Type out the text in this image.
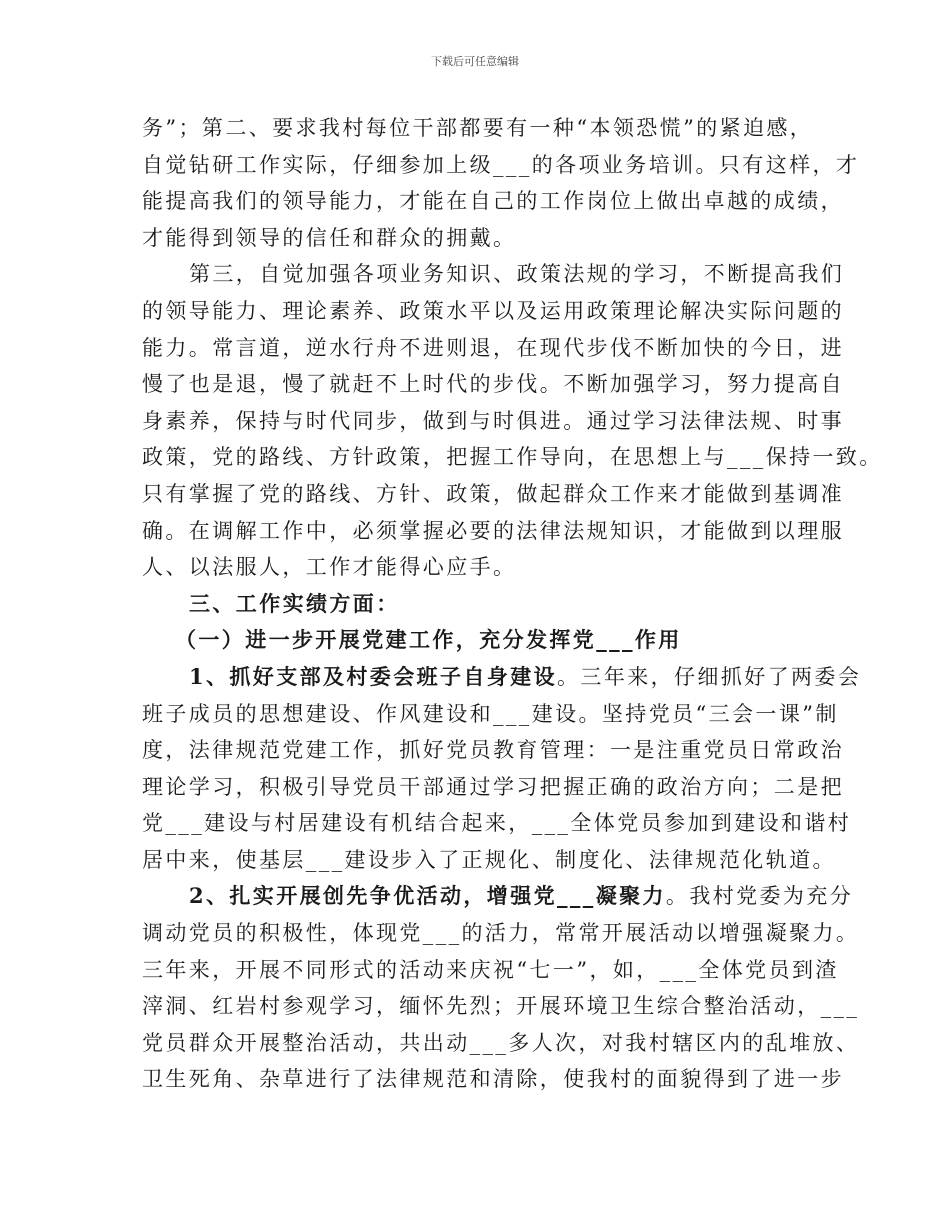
下载后可任意编辑
务”；第二、要求我村每位干部都要有一种“本领恐慌”的紧迫感，
自觉钻研工作实际，仔细参加上级___的各项业务培训。只有这样，才
能提高我们的领导能力，才能在自己的工作岗位上做出卓越的成绩，
才能得到领导的信任和群众的拥戴。
第三，自觉加强各项业务知识、政策法规的学习，不断提高我们
的领导能力、理论素养、政策水平以及运用政策理论解决实际问题的
能力。常言道，逆水行舟不进则退，在现代步伐不断加快的今日，进
慢了也是退，慢了就赶不上时代的步伐。不断加强学习，努力提高自
身素养，保持与时代同步，做到与时俱进。通过学习法律法规、时事
政策，党的路线、方针政策，把握工作导向，在思想上与___保持一致。
只有掌握了党的路线、方针、政策，做起群众工作来才能做到基调准
确。在调解工作中，必须掌握必要的法律法规知识，才能做到以理服
人、以法服人，工作才能得心应手。
三、工作实绩方面：
（一）进一步开展党建工作，充分发挥党___作用
1、抓好支部及村委会班子自身建设。三年来，仔细抓好了两委会
班子成员的思想建设、作风建设和___建设。坚持党员“三会一课”制
度，法律规范党建工作，抓好党员教育管理：一是注重党员日常政治
理论学习，积极引导党员干部通过学习把握正确的政治方向；二是把
党___建设与村居建设有机结合起来，___全体党员参加到建设和谐村
居中来，使基层___建设步入了正规化、制度化、法律规范化轨道。
2、扎实开展创先争优活动，增强党___凝聚力。我村党委为充分
调动党员的积极性，体现党___的活力，常常开展活动以增强凝聚力。
三年来，开展不同形式的活动来庆祝“七一”，如，___全体党员到渣
滓洞、红岩村参观学习，缅怀先烈；开展环境卫生综合整治活动，___
党员群众开展整治活动，共出动___多人次，对我村辖区内的乱堆放、
卫生死角、杂草进行了法律规范和清除，使我村的面貌得到了进一步
